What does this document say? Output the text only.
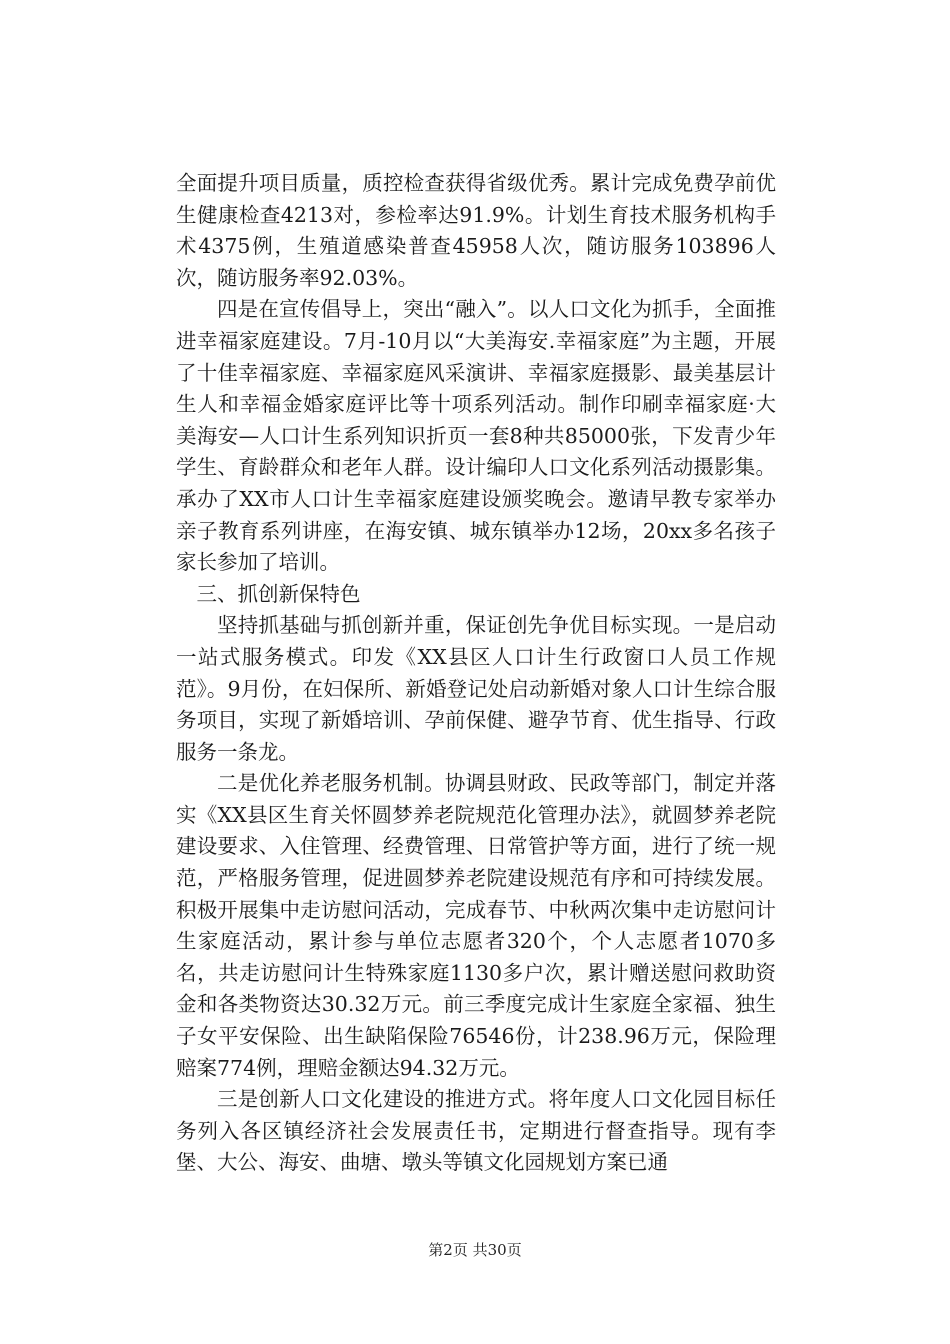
全面提升项目质量，质控检查获得省级优秀。累计完成免费孕前优生健康检查4213对，参检率达91.9%。计划生育技术服务机构手术4375例，生殖道感染普查45958人次，随访服务103896人次，随访服务率92.03%。

四是在宣传倡导上，突出“融入”。以人口文化为抓手，全面推进幸福家庭建设。7月-10月以“大美海安.幸福家庭”为主题，开展了十佳幸福家庭、幸福家庭风采演讲、幸福家庭摄影、最美基层计生人和幸福金婚家庭评比等十项系列活动。制作印刷幸福家庭·大美海安—人口计生系列知识折页一套8种共85000张，下发青少年学生、育龄群众和老年人群。设计编印人口文化系列活动摄影集。承办了XX市人口计生幸福家庭建设颁奖晚会。邀请早教专家举办亲子教育系列讲座，在海安镇、城东镇举办12场，20xx多名孩子家长参加了培训。

三、抓创新保特色

坚持抓基础与抓创新并重，保证创先争优目标实现。一是启动一站式服务模式。印发《XX县区人口计生行政窗口人员工作规范》。9月份，在妇保所、新婚登记处启动新婚对象人口计生综合服务项目，实现了新婚培训、孕前保健、避孕节育、优生指导、行政服务一条龙。

二是优化养老服务机制。协调县财政、民政等部门，制定并落实《XX县区生育关怀圆梦养老院规范化管理办法》，就圆梦养老院建设要求、入住管理、经费管理、日常管护等方面，进行了统一规范，严格服务管理，促进圆梦养老院建设规范有序和可持续发展。积极开展集中走访慰问活动，完成春节、中秋两次集中走访慰问计生家庭活动，累计参与单位志愿者320个，个人志愿者1070多名，共走访慰问计生特殊家庭1130多户次，累计赠送慰问救助资金和各类物资达30.32万元。前三季度完成计生家庭全家福、独生子女平安保险、出生缺陷保险76546份，计238.96万元，保险理赔案774例，理赔金额达94.32万元。

三是创新人口文化建设的推进方式。将年度人口文化园目标任务列入各区镇经济社会发展责任书，定期进行督查指导。现有李堡、大公、海安、曲塘、墩头等镇文化园规划方案已通

第2页 共30页
